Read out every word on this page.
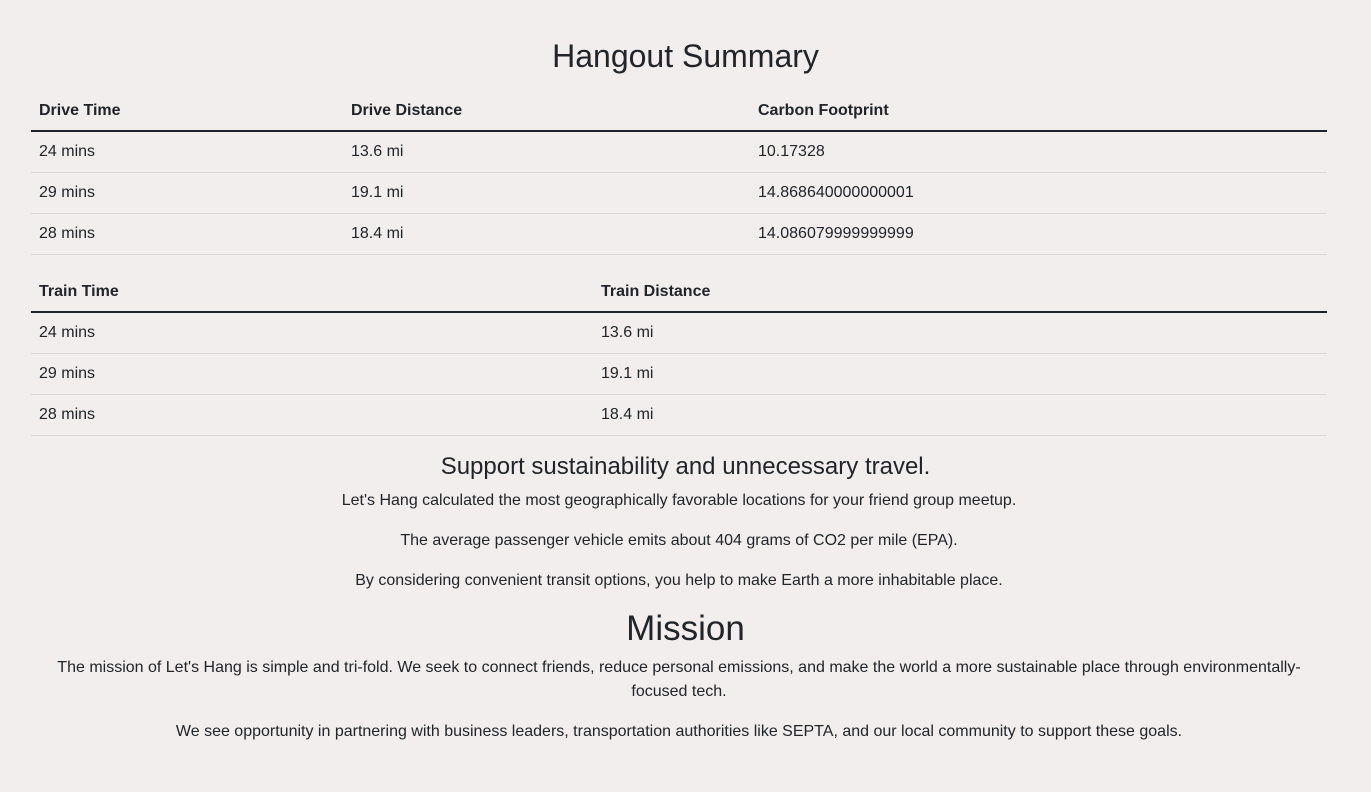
Hangout Summary
Drive Time	Drive Distance	Carbon Footprint
24 mins	13.6 mi	10.17328
29 mins	19.1 mi	14.868640000000001
28 mins	18.4 mi	14.086079999999999
Train Time	Train Distance
24 mins	13.6 mi
29 mins	19.1 mi
28 mins	18.4 mi
Support sustainability and unnecessary travel.

Let's Hang calculated the most geographically favorable locations for your friend group meetup.

The average passenger vehicle emits about 404 grams of CO2 per mile (EPA).

By considering convenient transit options, you help to make Earth a more inhabitable place.

Mission

The mission of Let's Hang is simple and tri-fold. We seek to connect friends, reduce personal emissions, and make the world a more sustainable place through environmentally-focused tech.

We see opportunity in partnering with business leaders, transportation authorities like SEPTA, and our local community to support these goals.
